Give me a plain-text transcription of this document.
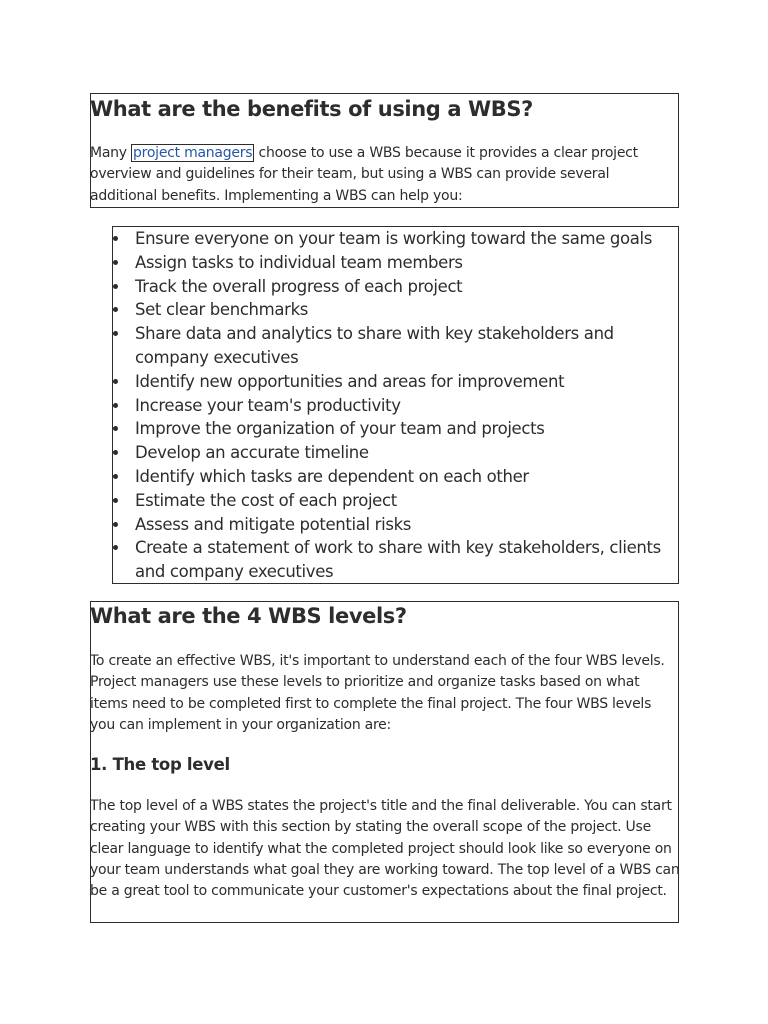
What are the benefits of using a WBS?

Many project managers choose to use a WBS because it provides a clear project overview and guidelines for their team, but using a WBS can provide several additional benefits. Implementing a WBS can help you:

Ensure everyone on your team is working toward the same goals
Assign tasks to individual team members
Track the overall progress of each project
Set clear benchmarks
Share data and analytics to share with key stakeholders and company executives
Identify new opportunities and areas for improvement
Increase your team's productivity
Improve the organization of your team and projects
Develop an accurate timeline
Identify which tasks are dependent on each other
Estimate the cost of each project
Assess and mitigate potential risks
Create a statement of work to share with key stakeholders, clients and company executives
What are the 4 WBS levels?

To create an effective WBS, it's important to understand each of the four WBS levels. Project managers use these levels to prioritize and organize tasks based on what items need to be completed first to complete the final project. The four WBS levels you can implement in your organization are:

1. The top level

The top level of a WBS states the project's title and the final deliverable. You can start creating your WBS with this section by stating the overall scope of the project. Use clear language to identify what the completed project should look like so everyone on your team understands what goal they are working toward. The top level of a WBS can be a great tool to communicate your customer's expectations about the final project.
